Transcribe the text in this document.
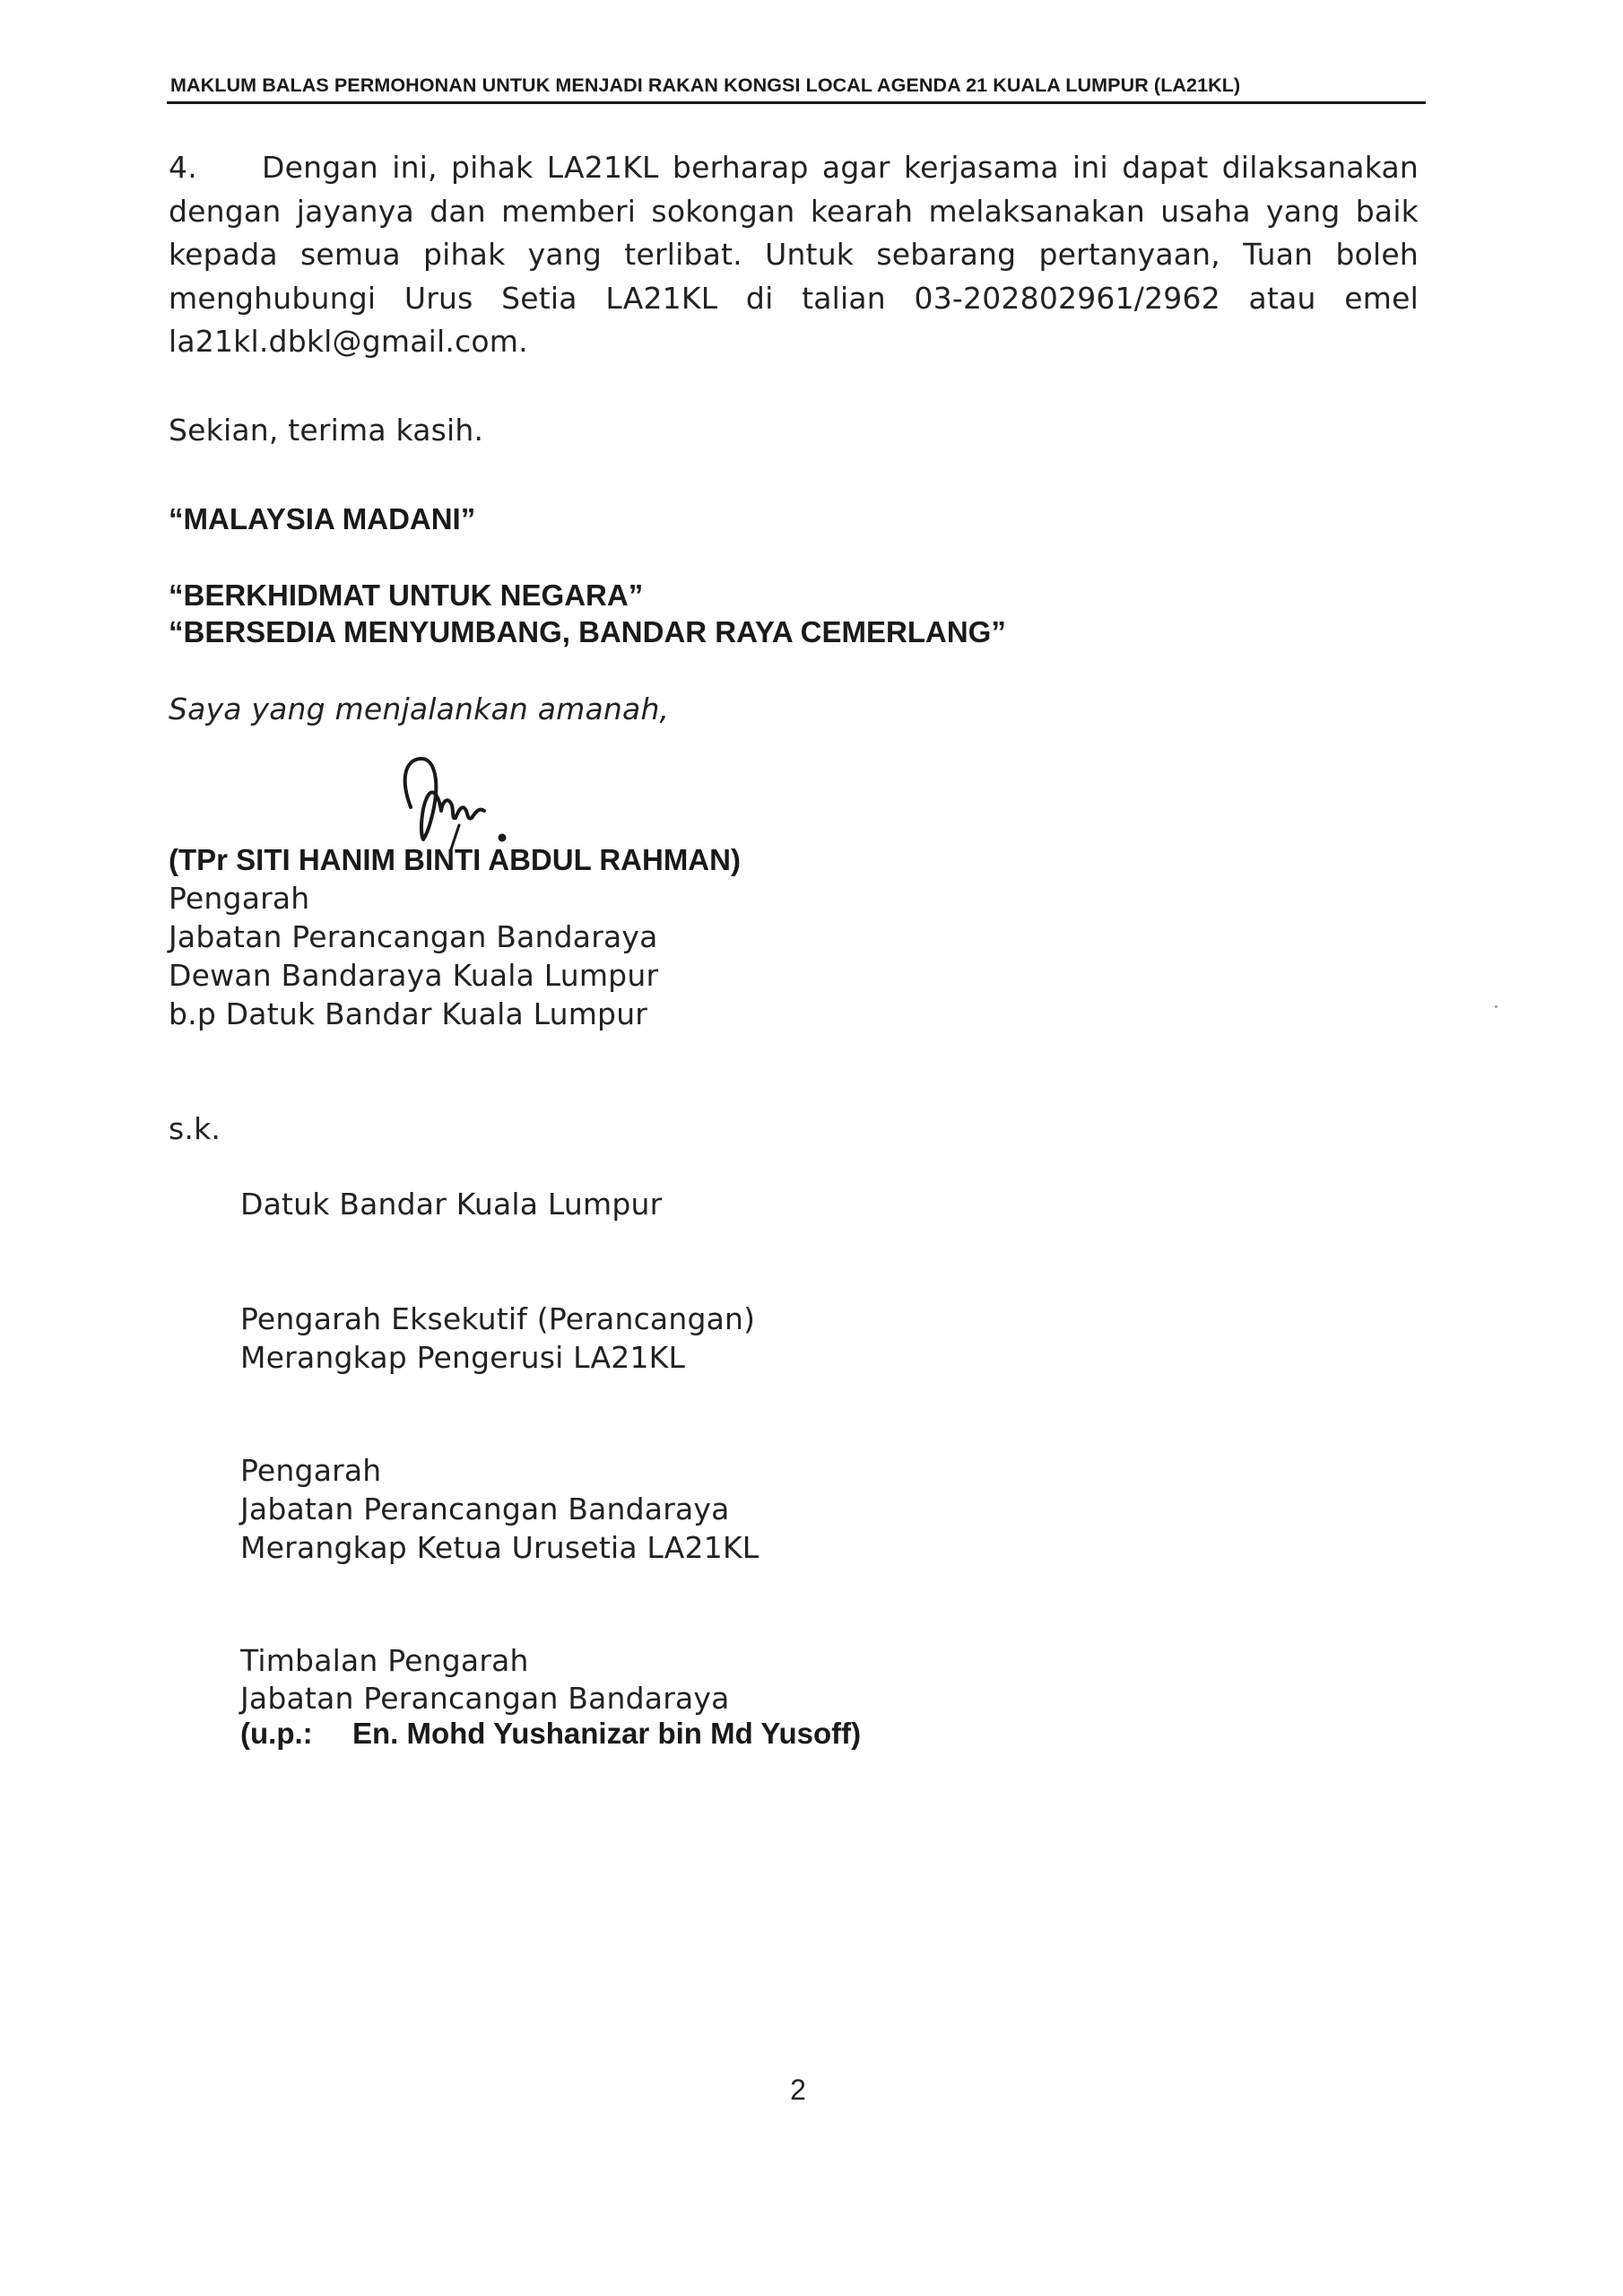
MAKLUM BALAS PERMOHONAN UNTUK MENJADI RAKAN KONGSI LOCAL AGENDA 21 KUALA LUMPUR (LA21KL)
4. Dengan ini, pihak LA21KL berharap agar kerjasama ini dapat dilaksanakan
dengan jayanya dan memberi sokongan kearah melaksanakan usaha yang baik
kepada semua pihak yang terlibat. Untuk sebarang pertanyaan, Tuan boleh
menghubungi Urus Setia LA21KL di talian 03-202802961/2962 atau emel
la21kl.dbkl@gmail.com.
Sekian, terima kasih.
“MALAYSIA MADANI”
“BERKHIDMAT UNTUK NEGARA”
“BERSEDIA MENYUMBANG, BANDAR RAYA CEMERLANG”
Saya yang menjalankan amanah,
(TPr SITI HANIM BINTI ABDUL RAHMAN)
Pengarah
Jabatan Perancangan Bandaraya
Dewan Bandaraya Kuala Lumpur
b.p Datuk Bandar Kuala Lumpur
s.k.
Datuk Bandar Kuala Lumpur
Pengarah Eksekutif (Perancangan)
Merangkap Pengerusi LA21KL
Pengarah
Jabatan Perancangan Bandaraya
Merangkap Ketua Urusetia LA21KL
Timbalan Pengarah
Jabatan Perancangan Bandaraya
(u.p.: En. Mohd Yushanizar bin Md Yusoff)
2
